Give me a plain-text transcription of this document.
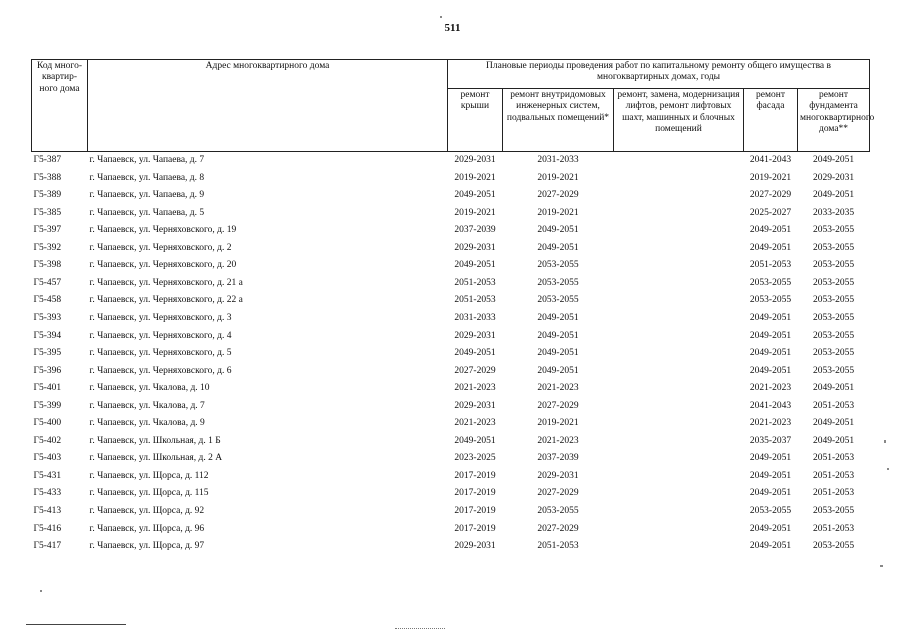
511
Код много-квартир-ного дома	Адрес многоквартирного дома	Плановые периоды проведения работ по капитальному ремонту общего имущества в многоквартирных домах, годы				
		ремонт крыши	ремонт внутридомовых инженерных систем, подвальных помещений*	ремонт, замена, модернизация лифтов, ремонт лифтовых шахт, машинных и блочных помещений	ремонт фасада	ремонт фундамента многоквартирного дома**
Г5-387	г. Чапаевск, ул. Чапаева, д. 7	2029-2031	2031-2033		2041-2043	2049-2051
Г5-388	г. Чапаевск, ул. Чапаева, д. 8	2019-2021	2019-2021		2019-2021	2029-2031
Г5-389	г. Чапаевск, ул. Чапаева, д. 9	2049-2051	2027-2029		2027-2029	2049-2051
Г5-385	г. Чапаевск, ул. Чапаева, д. 5	2019-2021	2019-2021		2025-2027	2033-2035
Г5-397	г. Чапаевск, ул. Черняховского, д. 19	2037-2039	2049-2051		2049-2051	2053-2055
Г5-392	г. Чапаевск, ул. Черняховского, д. 2	2029-2031	2049-2051		2049-2051	2053-2055
Г5-398	г. Чапаевск, ул. Черняховского, д. 20	2049-2051	2053-2055		2051-2053	2053-2055
Г5-457	г. Чапаевск, ул. Черняховского, д. 21 а	2051-2053	2053-2055		2053-2055	2053-2055
Г5-458	г. Чапаевск, ул. Черняховского, д. 22 а	2051-2053	2053-2055		2053-2055	2053-2055
Г5-393	г. Чапаевск, ул. Черняховского, д. 3	2031-2033	2049-2051		2049-2051	2053-2055
Г5-394	г. Чапаевск, ул. Черняховского, д. 4	2029-2031	2049-2051		2049-2051	2053-2055
Г5-395	г. Чапаевск, ул. Черняховского, д. 5	2049-2051	2049-2051		2049-2051	2053-2055
Г5-396	г. Чапаевск, ул. Черняховского, д. 6	2027-2029	2049-2051		2049-2051	2053-2055
Г5-401	г. Чапаевск, ул. Чкалова, д. 10	2021-2023	2021-2023		2021-2023	2049-2051
Г5-399	г. Чапаевск, ул. Чкалова, д. 7	2029-2031	2027-2029		2041-2043	2051-2053
Г5-400	г. Чапаевск, ул. Чкалова, д. 9	2021-2023	2019-2021		2021-2023	2049-2051
Г5-402	г. Чапаевск, ул. Школьная, д. 1 Б	2049-2051	2021-2023		2035-2037	2049-2051
Г5-403	г. Чапаевск, ул. Школьная, д. 2 А	2023-2025	2037-2039		2049-2051	2051-2053
Г5-431	г. Чапаевск, ул. Щорса, д. 112	2017-2019	2029-2031		2049-2051	2051-2053
Г5-433	г. Чапаевск, ул. Щорса, д. 115	2017-2019	2027-2029		2049-2051	2051-2053
Г5-413	г. Чапаевск, ул. Щорса, д. 92	2017-2019	2053-2055		2053-2055	2053-2055
Г5-416	г. Чапаевск, ул. Щорса, д. 96	2017-2019	2027-2029		2049-2051	2051-2053
Г5-417	г. Чапаевск, ул. Щорса, д. 97	2029-2031	2051-2053		2049-2051	2053-2055
